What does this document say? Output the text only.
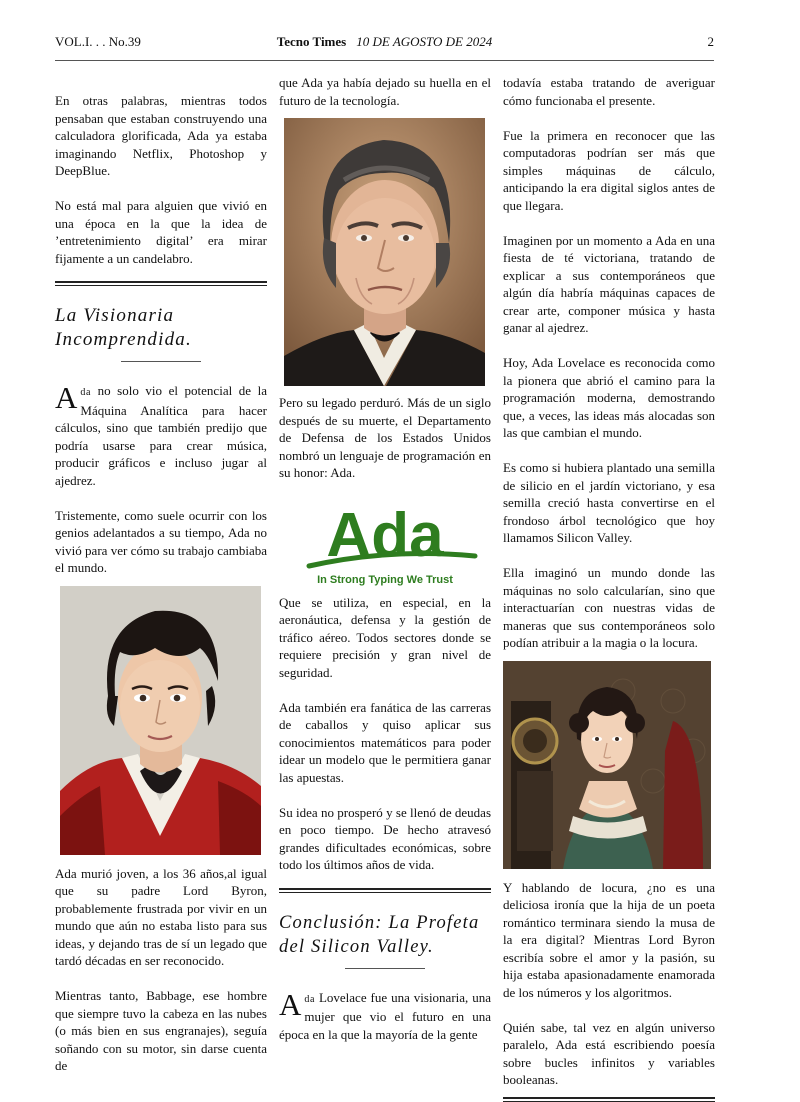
VOL.I. . . No.39	Tecno Times 10 DE AGOSTO DE 2024	2

En otras palabras, mientras todos pensaban que estaban construyendo una calculadora glorificada, Ada ya estaba imaginando Netflix, Photoshop y DeepBlue.

No está mal para alguien que vivió en una época en la que la idea de ’entretenimiento digital’ era mirar fijamente a un candelabro.

La Visionaria
Incomprendida.

Ada no solo vio el potencial de la Máquina Analítica para hacer cálculos, sino que también predijo que podría usarse para crear música, producir gráficos e incluso jugar al ajedrez.

Tristemente, como suele ocurrir con los genios adelantados a su tiempo, Ada no vivió para ver cómo su trabajo cambiaba el mundo.

Ada murió joven, a los 36 años,al igual que su padre Lord Byron, probablemente frustrada por vivir en un mundo que aún no estaba listo para sus ideas, y dejando tras de sí un legado que tardó décadas en ser reconocido.

Mientras tanto, Babbage, ese hombre que siempre tuvo la cabeza en las nubes (o más bien en sus engranajes), seguía soñando con su motor, sin darse cuenta de

que Ada ya había dejado su huella en el futuro de la tecnología.

Pero su legado perduró. Más de un siglo después de su muerte, el Departamento de Defensa de los Estados Unidos nombró un lenguaje de programación en su honor: Ada.

Ada
In Strong Typing We Trust

Que se utiliza, en especial, en la aeronáutica, defensa y la gestión de tráfico aéreo. Todos sectores donde se requiere precisión y gran nivel de seguridad.

Ada también era fanática de las carreras de caballos y quiso aplicar sus conocimientos matemáticos para poder idear un modelo que le permitiera ganar las apuestas.

Su idea no prosperó y se llenó de deudas en poco tiempo. De hecho atravesó grandes dificultades económicas, sobre todo los últimos años de vida.

Conclusión: La Profeta
del Silicon Valley.

Ada Lovelace fue una visionaria, una mujer que vio el futuro en una época en la que la mayoría de la gente

todavía estaba tratando de averiguar cómo funcionaba el presente.

Fue la primera en reconocer que las computadoras podrían ser más que simples máquinas de cálculo, anticipando la era digital siglos antes de que llegara.

Imaginen por un momento a Ada en una fiesta de té victoriana, tratando de explicar a sus contemporáneos que algún día habría máquinas capaces de crear arte, componer música y hasta ganar al ajedrez.

Hoy, Ada Lovelace es reconocida como la pionera que abrió el camino para la programación moderna, demostrando que, a veces, las ideas más alocadas son las que cambian el mundo.

Es como si hubiera plantado una semilla de silicio en el jardín victoriano, y esa semilla creció hasta convertirse en el frondoso árbol tecnológico que hoy llamamos Silicon Valley.

Ella imaginó un mundo donde las máquinas no solo calcularían, sino que interactuarían con nuestras vidas de maneras que sus contemporáneos solo podían atribuir a la magia o la locura.

Y hablando de locura, ¿no es una deliciosa ironía que la hija de un poeta romántico terminara siendo la musa de la era digital? Mientras Lord Byron escribía sobre el amor y la pasión, su hija estaba apasionadamente enamorada de los números y los algoritmos.

Quién sabe, tal vez en algún universo paralelo, Ada está escribiendo poesía sobre bucles infinitos y variables booleanas.
